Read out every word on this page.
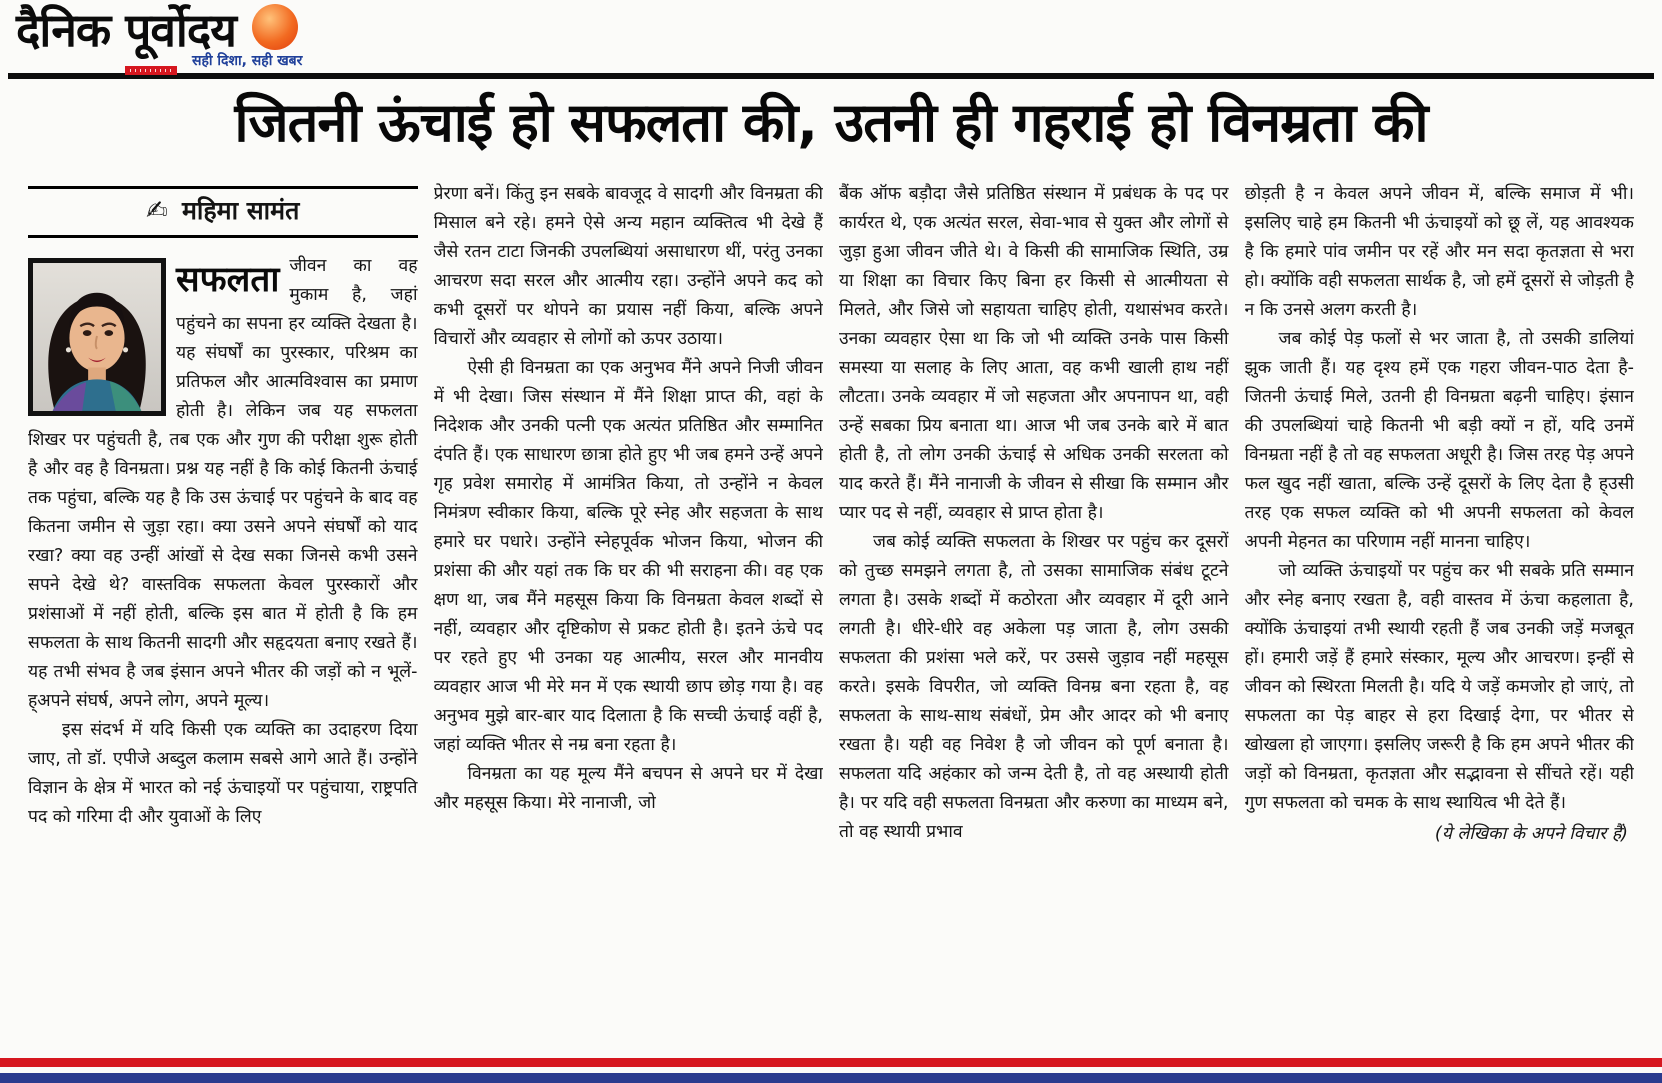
दैनिक पूर्वोदय
सही दिशा, सही खबर
जितनी ऊंचाई हो सफलता की, उतनी ही गहराई हो विनम्रता की
✍ महिमा सामंत

सफलता जीवन का वह मुकाम है, जहां पहुंचने का सपना हर व्यक्ति देखता है। यह संघर्षों का पुरस्कार, परिश्रम का प्रतिफल और आत्मविश्वास का प्रमाण होती है। लेकिन जब यह सफलता शिखर पर पहुंचती है, तब एक और गुण की परीक्षा शुरू होती है और वह है विनम्रता। प्रश्न यह नहीं है कि कोई कितनी ऊंचाई तक पहुंचा, बल्कि यह है कि उस ऊंचाई पर पहुंचने के बाद वह कितना जमीन से जुड़ा रहा। क्या उसने अपने संघर्षों को याद रखा? क्या वह उन्हीं आंखों से देख सका जिनसे कभी उसने सपने देखे थे? वास्तविक सफलता केवल पुरस्कारों और प्रशंसाओं में नहीं होती, बल्कि इस बात में होती है कि हम सफलता के साथ कितनी सादगी और सहृदयता बनाए रखते हैं। यह तभी संभव है जब इंसान अपने भीतर की जड़ों को न भूलें-ह्अपने संघर्ष, अपने लोग, अपने मूल्य।

इस संदर्भ में यदि किसी एक व्यक्ति का उदाहरण दिया जाए, तो डॉ. एपीजे अब्दुल कलाम सबसे आगे आते हैं। उन्होंने विज्ञान के क्षेत्र में भारत को नई ऊंचाइयों पर पहुंचाया, राष्ट्रपति पद को गरिमा दी और युवाओं के लिए

प्रेरणा बनें। किंतु इन सबके बावजूद वे सादगी और विनम्रता की मिसाल बने रहे। हमने ऐसे अन्य महान व्यक्तित्व भी देखे हैं जैसे रतन टाटा जिनकी उपलब्धियां असाधारण थीं, परंतु उनका आचरण सदा सरल और आत्मीय रहा। उन्होंने अपने कद को कभी दूसरों पर थोपने का प्रयास नहीं किया, बल्कि अपने विचारों और व्यवहार से लोगों को ऊपर उठाया।

ऐसी ही विनम्रता का एक अनुभव मैंने अपने निजी जीवन में भी देखा। जिस संस्थान में मैंने शिक्षा प्राप्त की, वहां के निदेशक और उनकी पत्नी एक अत्यंत प्रतिष्ठित और सम्मानित दंपति हैं। एक साधारण छात्रा होते हुए भी जब हमने उन्हें अपने गृह प्रवेश समारोह में आमंत्रित किया, तो उन्होंने न केवल निमंत्रण स्वीकार किया, बल्कि पूरे स्नेह और सहजता के साथ हमारे घर पधारे। उन्होंने स्नेहपूर्वक भोजन किया, भोजन की प्रशंसा की और यहां तक कि घर की भी सराहना की। वह एक क्षण था, जब मैंने महसूस किया कि विनम्रता केवल शब्दों से नहीं, व्यवहार और दृष्टिकोण से प्रकट होती है। इतने ऊंचे पद पर रहते हुए भी उनका यह आत्मीय, सरल और मानवीय व्यवहार आज भी मेरे मन में एक स्थायी छाप छोड़ गया है। वह अनुभव मुझे बार-बार याद दिलाता है कि सच्ची ऊंचाई वहीं है, जहां व्यक्ति भीतर से नम्र बना रहता है।

विनम्रता का यह मूल्य मैंने बचपन से अपने घर में देखा और महसूस किया। मेरे नानाजी, जो

बैंक ऑफ बड़ौदा जैसे प्रतिष्ठित संस्थान में प्रबंधक के पद पर कार्यरत थे, एक अत्यंत सरल, सेवा-भाव से युक्त और लोगों से जुड़ा हुआ जीवन जीते थे। वे किसी की सामाजिक स्थिति, उम्र या शिक्षा का विचार किए बिना हर किसी से आत्मीयता से मिलते, और जिसे जो सहायता चाहिए होती, यथासंभव करते। उनका व्यवहार ऐसा था कि जो भी व्यक्ति उनके पास किसी समस्या या सलाह के लिए आता, वह कभी खाली हाथ नहीं लौटता। उनके व्यवहार में जो सहजता और अपनापन था, वही उन्हें सबका प्रिय बनाता था। आज भी जब उनके बारे में बात होती है, तो लोग उनकी ऊंचाई से अधिक उनकी सरलता को याद करते हैं। मैंने नानाजी के जीवन से सीखा कि सम्मान और प्यार पद से नहीं, व्यवहार से प्राप्त होता है।

जब कोई व्यक्ति सफलता के शिखर पर पहुंच कर दूसरों को तुच्छ समझने लगता है, तो उसका सामाजिक संबंध टूटने लगता है। उसके शब्दों में कठोरता और व्यवहार में दूरी आने लगती है। धीरे-धीरे वह अकेला पड़ जाता है, लोग उसकी सफलता की प्रशंसा भले करें, पर उससे जुड़ाव नहीं महसूस करते। इसके विपरीत, जो व्यक्ति विनम्र बना रहता है, वह सफलता के साथ-साथ संबंधों, प्रेम और आदर को भी बनाए रखता है। यही वह निवेश है जो जीवन को पूर्ण बनाता है। सफलता यदि अहंकार को जन्म देती है, तो वह अस्थायी होती है। पर यदि वही सफलता विनम्रता और करुणा का माध्यम बने, तो वह स्थायी प्रभाव

छोड़ती है न केवल अपने जीवन में, बल्कि समाज में भी। इसलिए चाहे हम कितनी भी ऊंचाइयों को छू लें, यह आवश्यक है कि हमारे पांव जमीन पर रहें और मन सदा कृतज्ञता से भरा हो। क्योंकि वही सफलता सार्थक है, जो हमें दूसरों से जोड़ती है न कि उनसे अलग करती है।

जब कोई पेड़ फलों से भर जाता है, तो उसकी डालियां झुक जाती हैं। यह दृश्य हमें एक गहरा जीवन-पाठ देता है- जितनी ऊंचाई मिले, उतनी ही विनम्रता बढ़नी चाहिए। इंसान की उपलब्धियां चाहे कितनी भी बड़ी क्यों न हों, यदि उनमें विनम्रता नहीं है तो वह सफलता अधूरी है। जिस तरह पेड़ अपने फल खुद नहीं खाता, बल्कि उन्हें दूसरों के लिए देता है ह्उसी तरह एक सफल व्यक्ति को भी अपनी सफलता को केवल अपनी मेहनत का परिणाम नहीं मानना चाहिए।

जो व्यक्ति ऊंचाइयों पर पहुंच कर भी सबके प्रति सम्मान और स्नेह बनाए रखता है, वही वास्तव में ऊंचा कहलाता है, क्योंकि ऊंचाइयां तभी स्थायी रहती हैं जब उनकी जड़ें मजबूत हों। हमारी जड़ें हैं हमारे संस्कार, मूल्य और आचरण। इन्हीं से जीवन को स्थिरता मिलती है। यदि ये जड़ें कमजोर हो जाएं, तो सफलता का पेड़ बाहर से हरा दिखाई देगा, पर भीतर से खोखला हो जाएगा। इसलिए जरूरी है कि हम अपने भीतर की जड़ों को विनम्रता, कृतज्ञता और सद्भावना से सींचते रहें। यही गुण सफलता को चमक के साथ स्थायित्व भी देते हैं।

(ये लेखिका के अपने विचार हैं)
